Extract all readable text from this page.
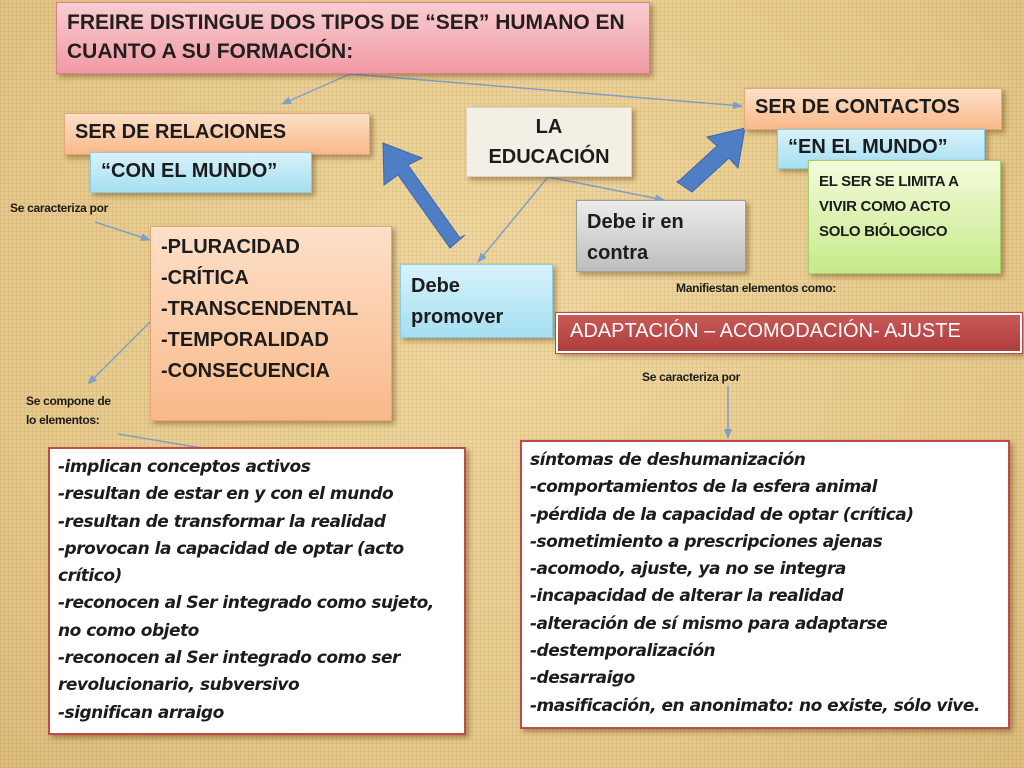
FREIRE DISTINGUE DOS TIPOS DE “SER” HUMANO EN CUANTO A SU FORMACIÓN:
LA
EDUCACIÓN
SER DE RELACIONES
“CON EL MUNDO”
Se caracteriza por
-PLURACIDAD
-CRÍTICA
-TRANSCENDENTAL
-TEMPORALIDAD
-CONSECUENCIA
Se compone de
lo elementos:
Debe
promover
Debe ir en
contra
SER DE CONTACTOS
“EN EL MUNDO”
EL SER SE LIMITA A
VIVIR COMO ACTO
SOLO BIÓLOGICO
Manifiestan elementos como:
ADAPTACIÓN – ACOMODACIÓN- AJUSTE
Se caracteriza por
-implican conceptos activos
-resultan de estar en y con el mundo
-resultan de transformar la realidad
-provocan la capacidad de optar (acto
crítico)
-reconocen al Ser integrado como sujeto,
no como objeto
-reconocen al Ser integrado como ser
revolucionario, subversivo
-significan arraigo
síntomas de deshumanización
-comportamientos de la esfera animal
-pérdida de la capacidad de optar (crítica)
-sometimiento a prescripciones ajenas
-acomodo, ajuste, ya no se integra
-incapacidad de alterar la realidad
-alteración de sí mismo para adaptarse
-destemporalización
-desarraigo
-masificación, en anonimato: no existe, sólo vive.
